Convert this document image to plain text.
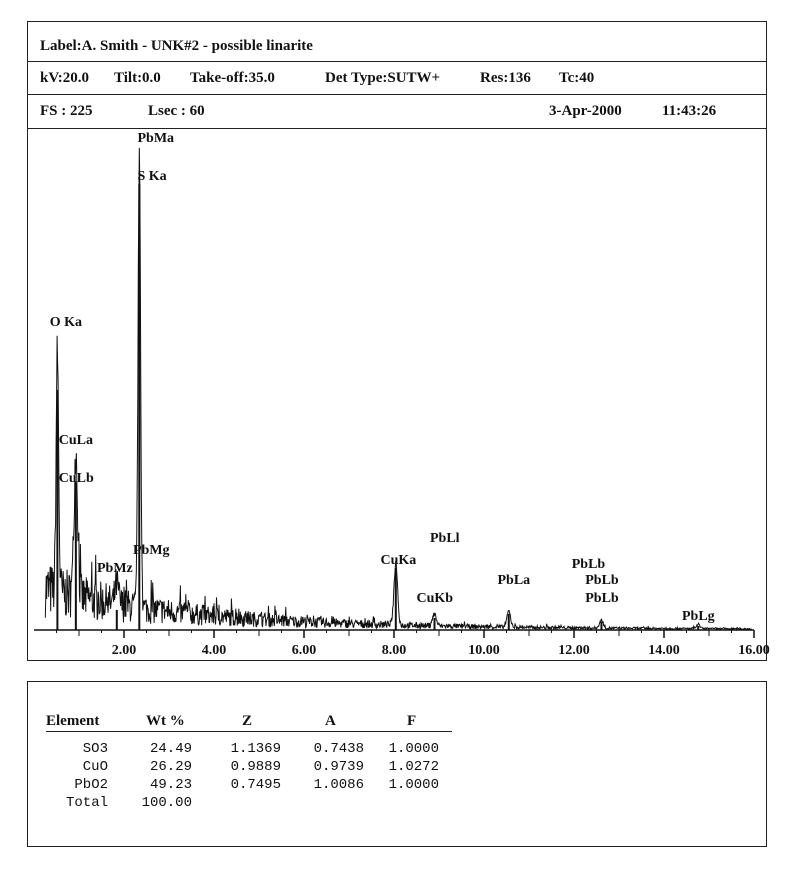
Label:A. Smith - UNK#2 - possible linarite
kV:20.0 Tilt:0.0 Take-off:35.0	Det Type:SUTW+	Res:136 Tc:40
FS : 225	Lsec : 60	3-Apr-2000	11:43:26
2.00	4.00	6.00	8.00	10.00	12.00	14.00	16.00
PbMa
S Ka
O Ka
CuLa
CuLb
PbMz
PbMg
CuKa
PbLl
CuKb
PbLa
PbLb
PbLb
PbLb
PbLg
Element	Wt %	Z	A	F
SO3	24.49	1.1369 0.7438 1.0000
CuO	26.29	0.9889 0.9739 1.0272
PbO2	49.23	0.7495 1.0086 1.0000
Total 100.00
